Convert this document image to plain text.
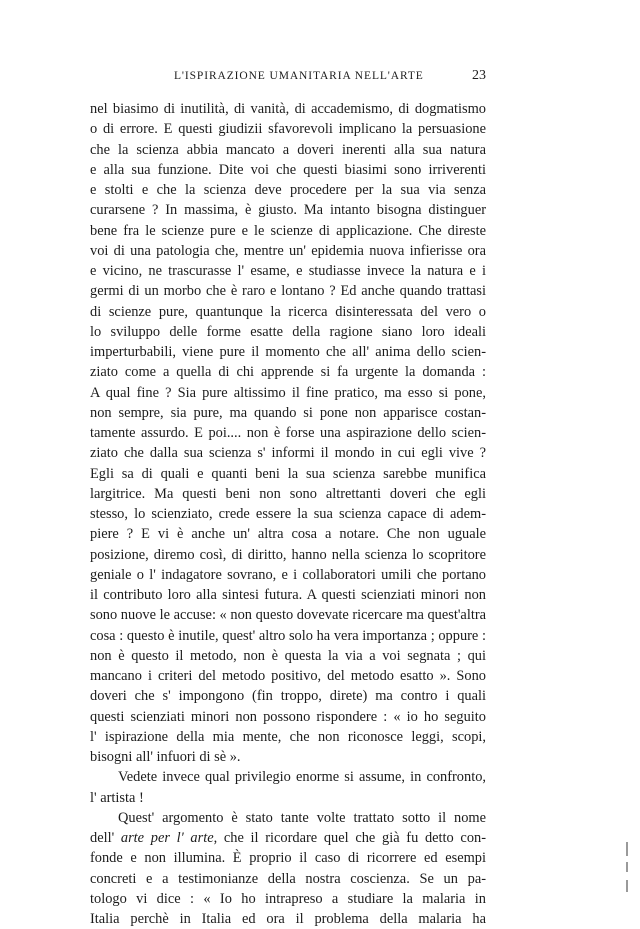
L'ISPIRAZIONE UMANITARIA NELL'ARTE	23
nel biasimo di inutilità, di vanità, di accademismo, di dogmatismo
o di errore. E questi giudizii sfavorevoli implicano la persuasione
che la scienza abbia mancato a doveri inerenti alla sua natura
e alla sua funzione. Dite voi che questi biasimi sono irriverenti
e stolti e che la scienza deve procedere per la sua via senza
curarsene ? In massima, è giusto. Ma intanto bisogna distinguer
bene fra le scienze pure e le scienze di applicazione. Che direste
voi di una patologia che, mentre un' epidemia nuova infierisse ora
e vicino, ne trascurasse l' esame, e studiasse invece la natura e i
germi di un morbo che è raro e lontano ? Ed anche quando trattasi
di scienze pure, quantunque la ricerca disinteressata del vero o
lo sviluppo delle forme esatte della ragione siano loro ideali
imperturbabili, viene pure il momento che all' anima dello scien-
ziato come a quella di chi apprende si fa urgente la domanda :
A qual fine ? Sia pure altissimo il fine pratico, ma esso si pone,
non sempre, sia pure, ma quando si pone non apparisce costan-
tamente assurdo. E poi.... non è forse una aspirazione dello scien-
ziato che dalla sua scienza s' informi il mondo in cui egli vive ?
Egli sa di quali e quanti beni la sua scienza sarebbe munifica
largitrice. Ma questi beni non sono altrettanti doveri che egli
stesso, lo scienziato, crede essere la sua scienza capace di adem-
piere ? E vi è anche un' altra cosa a notare. Che non uguale
posizione, diremo così, di diritto, hanno nella scienza lo scopritore
geniale o l' indagatore sovrano, e i collaboratori umili che portano
il contributo loro alla sintesi futura. A questi scienziati minori non
sono nuove le accuse: « non questo dovevate ricercare ma quest'altra
cosa : questo è inutile, quest' altro solo ha vera importanza ; oppure :
non è questo il metodo, non è questa la via a voi segnata ; qui
mancano i criteri del metodo positivo, del metodo esatto ». Sono
doveri che s' impongono (fin troppo, direte) ma contro i quali
questi scienziati minori non possono rispondere : « io ho seguito
l' ispirazione della mia mente, che non riconosce leggi, scopi,
bisogni all' infuori di sè ».
Vedete invece qual privilegio enorme si assume, in confronto,
l' artista !
Quest' argomento è stato tante volte trattato sotto il nome
dell' arte per l' arte, che il ricordare quel che già fu detto con-
fonde e non illumina. È proprio il caso di ricorrere ed esempi
concreti e a testimonianze della nostra coscienza. Se un pa-
tologo vi dice : « Io ho intrapreso a studiare la malaria in
Italia perchè in Italia ed ora il problema della malaria ha
